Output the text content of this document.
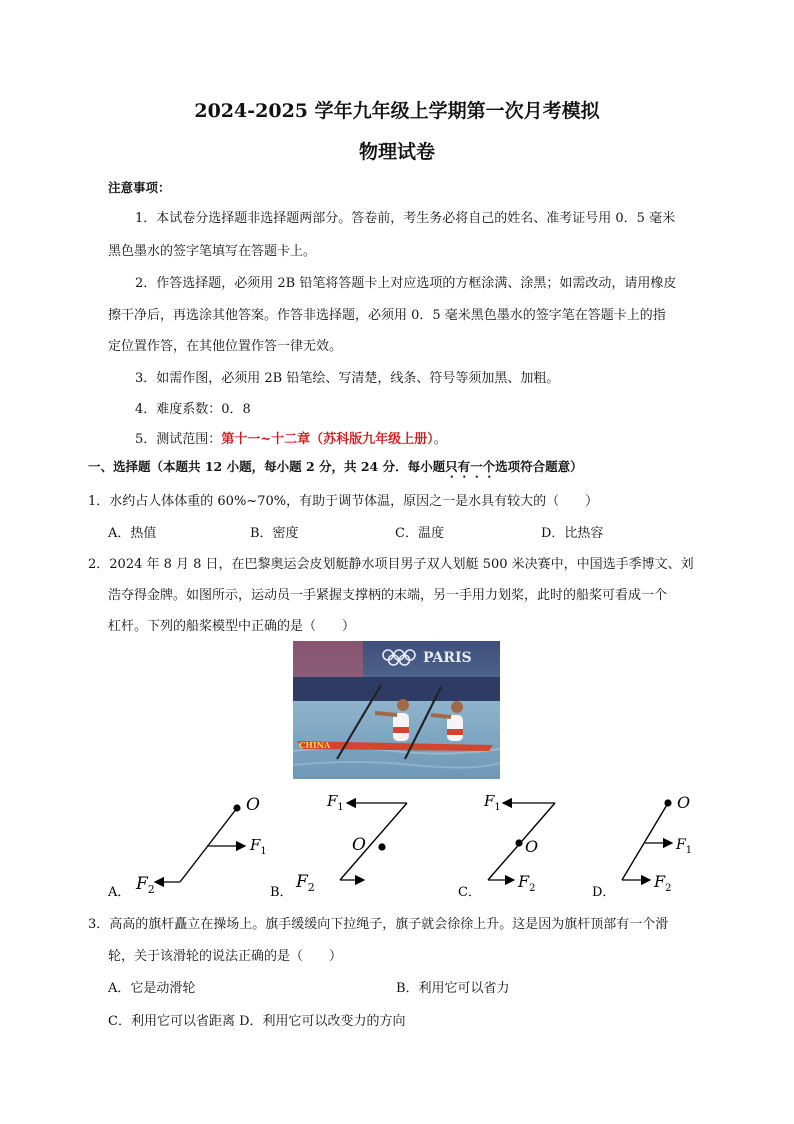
2024-2025 学年九年级上学期第一次月考模拟
物理试卷
注意事项：
1．本试卷分选择题非选择题两部分。答卷前，考生务必将自己的姓名、准考证号用 0．5 毫米
黑色墨水的签字笔填写在答题卡上。
2．作答选择题，必须用 2B 铅笔将答题卡上对应选项的方框涂满、涂黑；如需改动，请用橡皮
擦干净后，再选涂其他答案。作答非选择题，必须用 0．5 毫米黑色墨水的签字笔在答题卡上的指
定位置作答，在其他位置作答一律无效。
3．如需作图，必须用 2B 铅笔绘、写清楚，线条、符号等须加黑、加粗。
4．难度系数：0．8
5．测试范围：第十一~十二章（苏科版九年级上册）。
一、选择题（本题共 12 小题，每小题 2 分，共 24 分．每小题只有一个选项符合题意）
1．水约占人体体重的 60%~70%，有助于调节体温，原因之一是水具有较大的（　　）
A．热值	B．密度	C．温度	D．比热容
2．2024 年 8 月 8 日，在巴黎奥运会皮划艇静水项目男子双人划艇 500 米决赛中，中国选手季博文、刘
浩夺得金牌。如图所示，运动员一手紧握支撑柄的末端，另一手用力划桨，此时的船桨可看成一个
杠杆。下列的船桨模型中正确的是（　　）
PARIS
CHINA
O
$F_1$
$F_2$
A．
O
$F_1$
$F_2$
B．
O
$F_1$
$F_2$
C．
O
$F_1$
$F_2$
D．
3．高高的旗杆矗立在操场上。旗手缓缓向下拉绳子，旗子就会徐徐上升。这是因为旗杆顶部有一个滑
轮，关于该滑轮的说法正确的是（　　）
A．它是动滑轮	B．利用它可以省力
C．利用它可以省距离 D．利用它可以改变力的方向
